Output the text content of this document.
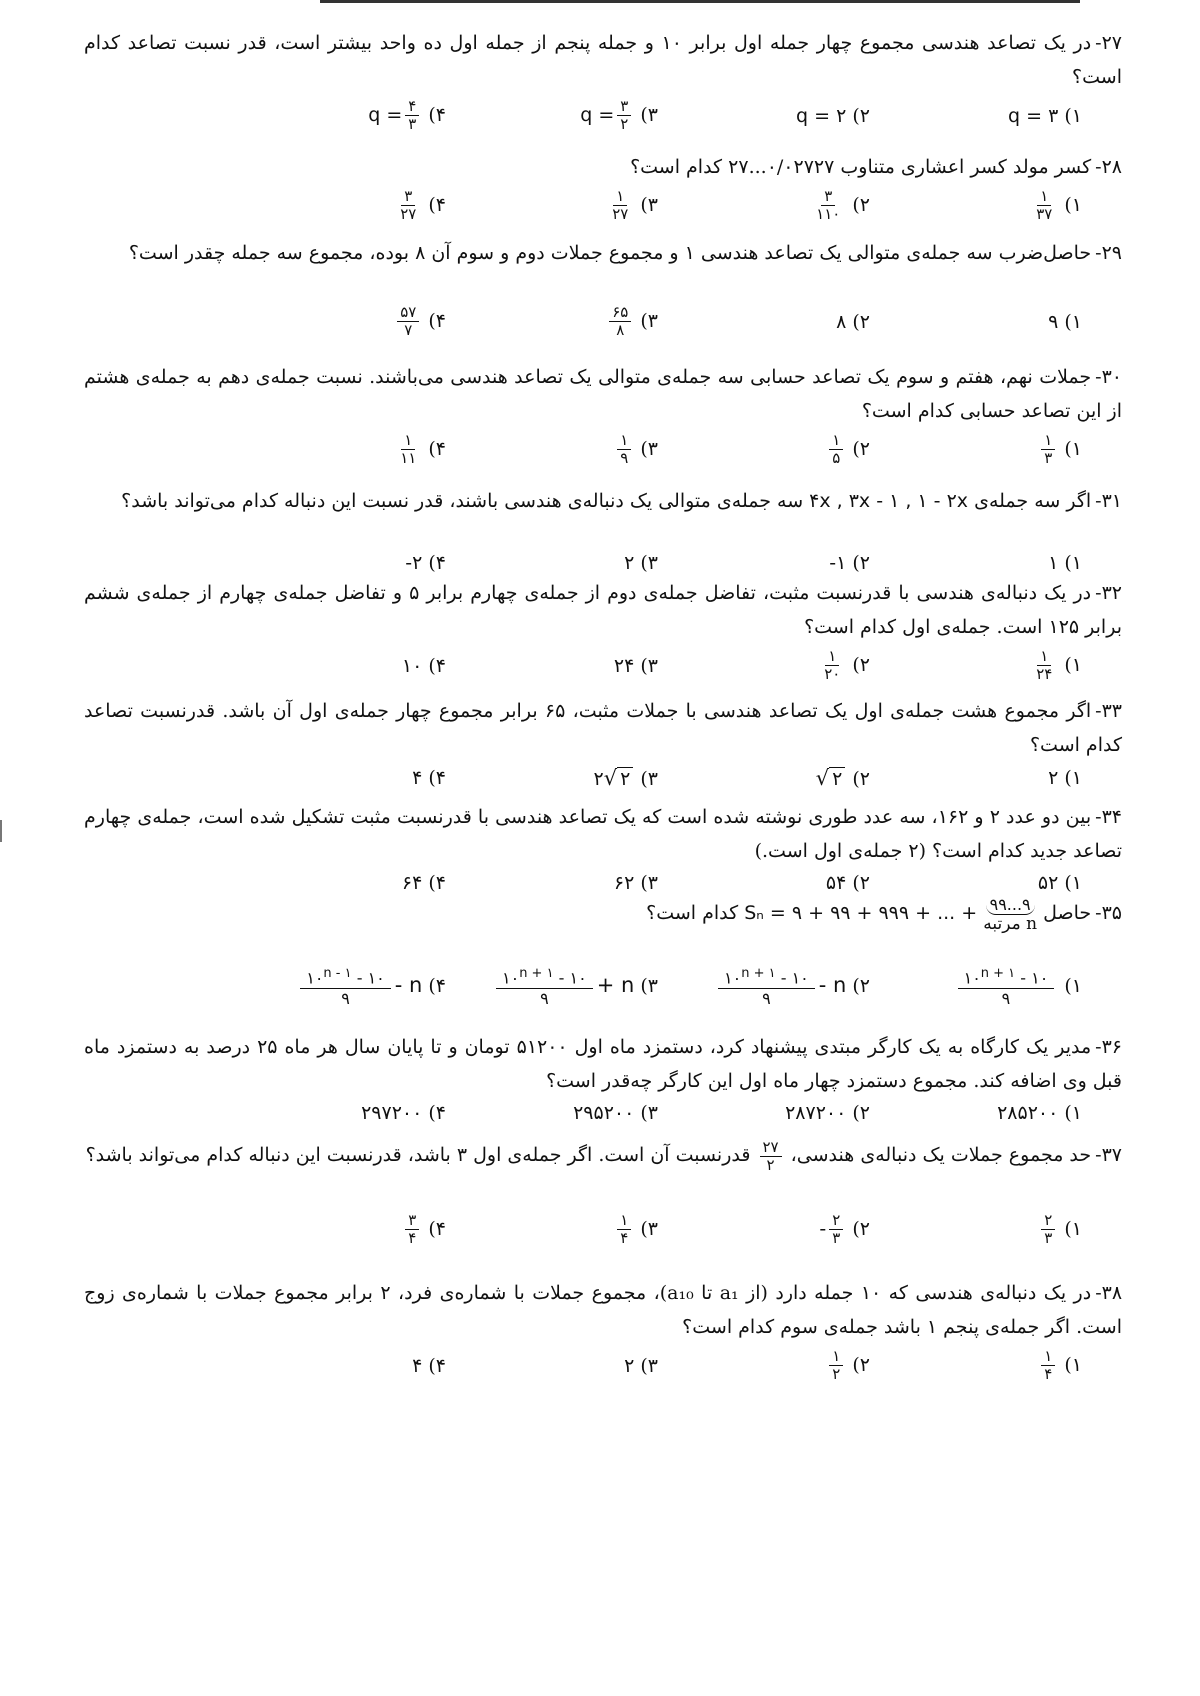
۲۷-در یک تصاعد هندسی مجموع چهار جمله اول برابر ۱۰ و جمله پنجم از جمله اول ده واحد بیشتر است، قدر نسبت تصاعد کدام است؟
۱) q = ۳
۲) q = ۲
۳) $q = \frac{۳}{۲}$
۴) $q = \frac{۴}{۳}$
۲۸-کسر مولد کسر اعشاری متناوب ۰/۰۲۷۲۷...۲۷ کدام است؟
۱)
$\frac{۱}{۳۷}$
۲)
$\frac{۳}{۱۱۰}$
۳)
$\frac{۱}{۲۷}$
۴)
$\frac{۳}{۲۷}$
۲۹-حاصل‌ضرب سه جمله‌ی متوالی یک تصاعد هندسی ۱ و مجموع جملات دوم و سوم آن ۸ بوده، مجموع سه جمله چقدر است؟
۱) ۹
۲) ۸
۳)
$\frac{۶۵}{۸}$
۴)
$\frac{۵۷}{۷}$
۳۰-جملات نهم، هفتم و سوم یک تصاعد حسابی سه جمله‌ی متوالی یک تصاعد هندسی می‌باشند. نسبت جمله‌ی دهم به جمله‌ی هشتم از این تصاعد حسابی کدام است؟
۱)
$\frac{۱}{۳}$
۲)
$\frac{۱}{۵}$
۳)
$\frac{۱}{۹}$
۴)
$\frac{۱}{۱۱}$
۳۱-اگر سه جمله‌ی ۴x , ۳x - ۱ , ۱ - ۲x سه جمله‌ی متوالی یک دنباله‌ی هندسی باشند، قدر نسبت این دنباله کدام می‌تواند باشد؟
۱) ۱
۲) -۱
۳) ۲
۴) -۲
۳۲-در یک دنباله‌ی هندسی با قدرنسبت مثبت، تفاضل جمله‌ی دوم از جمله‌ی چهارم برابر ۵ و تفاضل جمله‌ی چهارم از جمله‌ی ششم برابر ۱۲۵ است. جمله‌ی اول کدام است؟
۱)
$\frac{۱}{۲۴}$
۲)
$\frac{۱}{۲۰}$
۳) ۲۴
۴) ۱۰
۳۳-اگر مجموع هشت جمله‌ی اول یک تصاعد هندسی با جملات مثبت، ۶۵ برابر مجموع چهار جمله‌ی اول آن باشد. قدرنسبت تصاعد کدام است؟
۱) ۲
۲) √ ۲
۳) ۲√ ۲
۴) ۴
۳۴-بین دو عدد ۲ و ۱۶۲، سه عدد طوری نوشته شده است که یک تصاعد هندسی با قدرنسبت مثبت تشکیل شده است، جمله‌ی چهارم تصاعد جدید کدام است؟ (۲ جمله‌ی اول است.)
۱) ۵۲
۲) ۵۴
۳) ۶۲
۴) ۶۴
۳۵-حاصل
۹۹...۹
n مرتبه
Sₙ = ۹ + ۹۹ + ۹۹۹ + ... + کدام است؟
۱)
$\frac{۱۰^{n + ۱} - ۱۰}{۹}$
۲)
$\frac{۱۰^{n + ۱} - ۱۰}{۹}$ - n
۳)
$\frac{۱۰^{n + ۱} - ۱۰}{۹} + n$
۴)
$\frac{۱۰^{n - ۱} - ۱۰}{۹}$ - n
۳۶-مدیر یک کارگاه به یک کارگر مبتدی پیشنهاد کرد، دستمزد ماه اول ۵۱۲۰۰ تومان و تا پایان سال هر ماه ۲۵ درصد به دستمزد ماه قبل وی اضافه کند. مجموع دستمزد چهار ماه اول این کارگر چه‌قدر است؟
۱) ۲۸۵۲۰۰
۲) ۲۸۷۲۰۰
۳) ۲۹۵۲۰۰
۴) ۲۹۷۲۰۰
۳۷-حد مجموع جملات یک دنباله‌ی هندسی،
$\frac{۲۷}{۲}$
قدرنسبت آن است. اگر جمله‌ی اول ۳ باشد، قدرنسبت این دنباله کدام می‌تواند باشد؟
۱)
$\frac{۲}{۳}$
۲) - $\frac{۲}{۳}$
۳)
$\frac{۱}{۴}$
۴)
$\frac{۳}{۴}$
۳۸-در یک دنباله‌ی هندسی که ۱۰ جمله دارد (از a₁ تا a₁₀)، مجموع جملات با شماره‌ی فرد، ۲ برابر مجموع جملات با شماره‌ی زوج است. اگر جمله‌ی پنجم ۱ باشد جمله‌ی سوم کدام است؟
۱)
$\frac{۱}{۴}$
۲)
$\frac{۱}{۲}$
۳) ۲
۴) ۴
